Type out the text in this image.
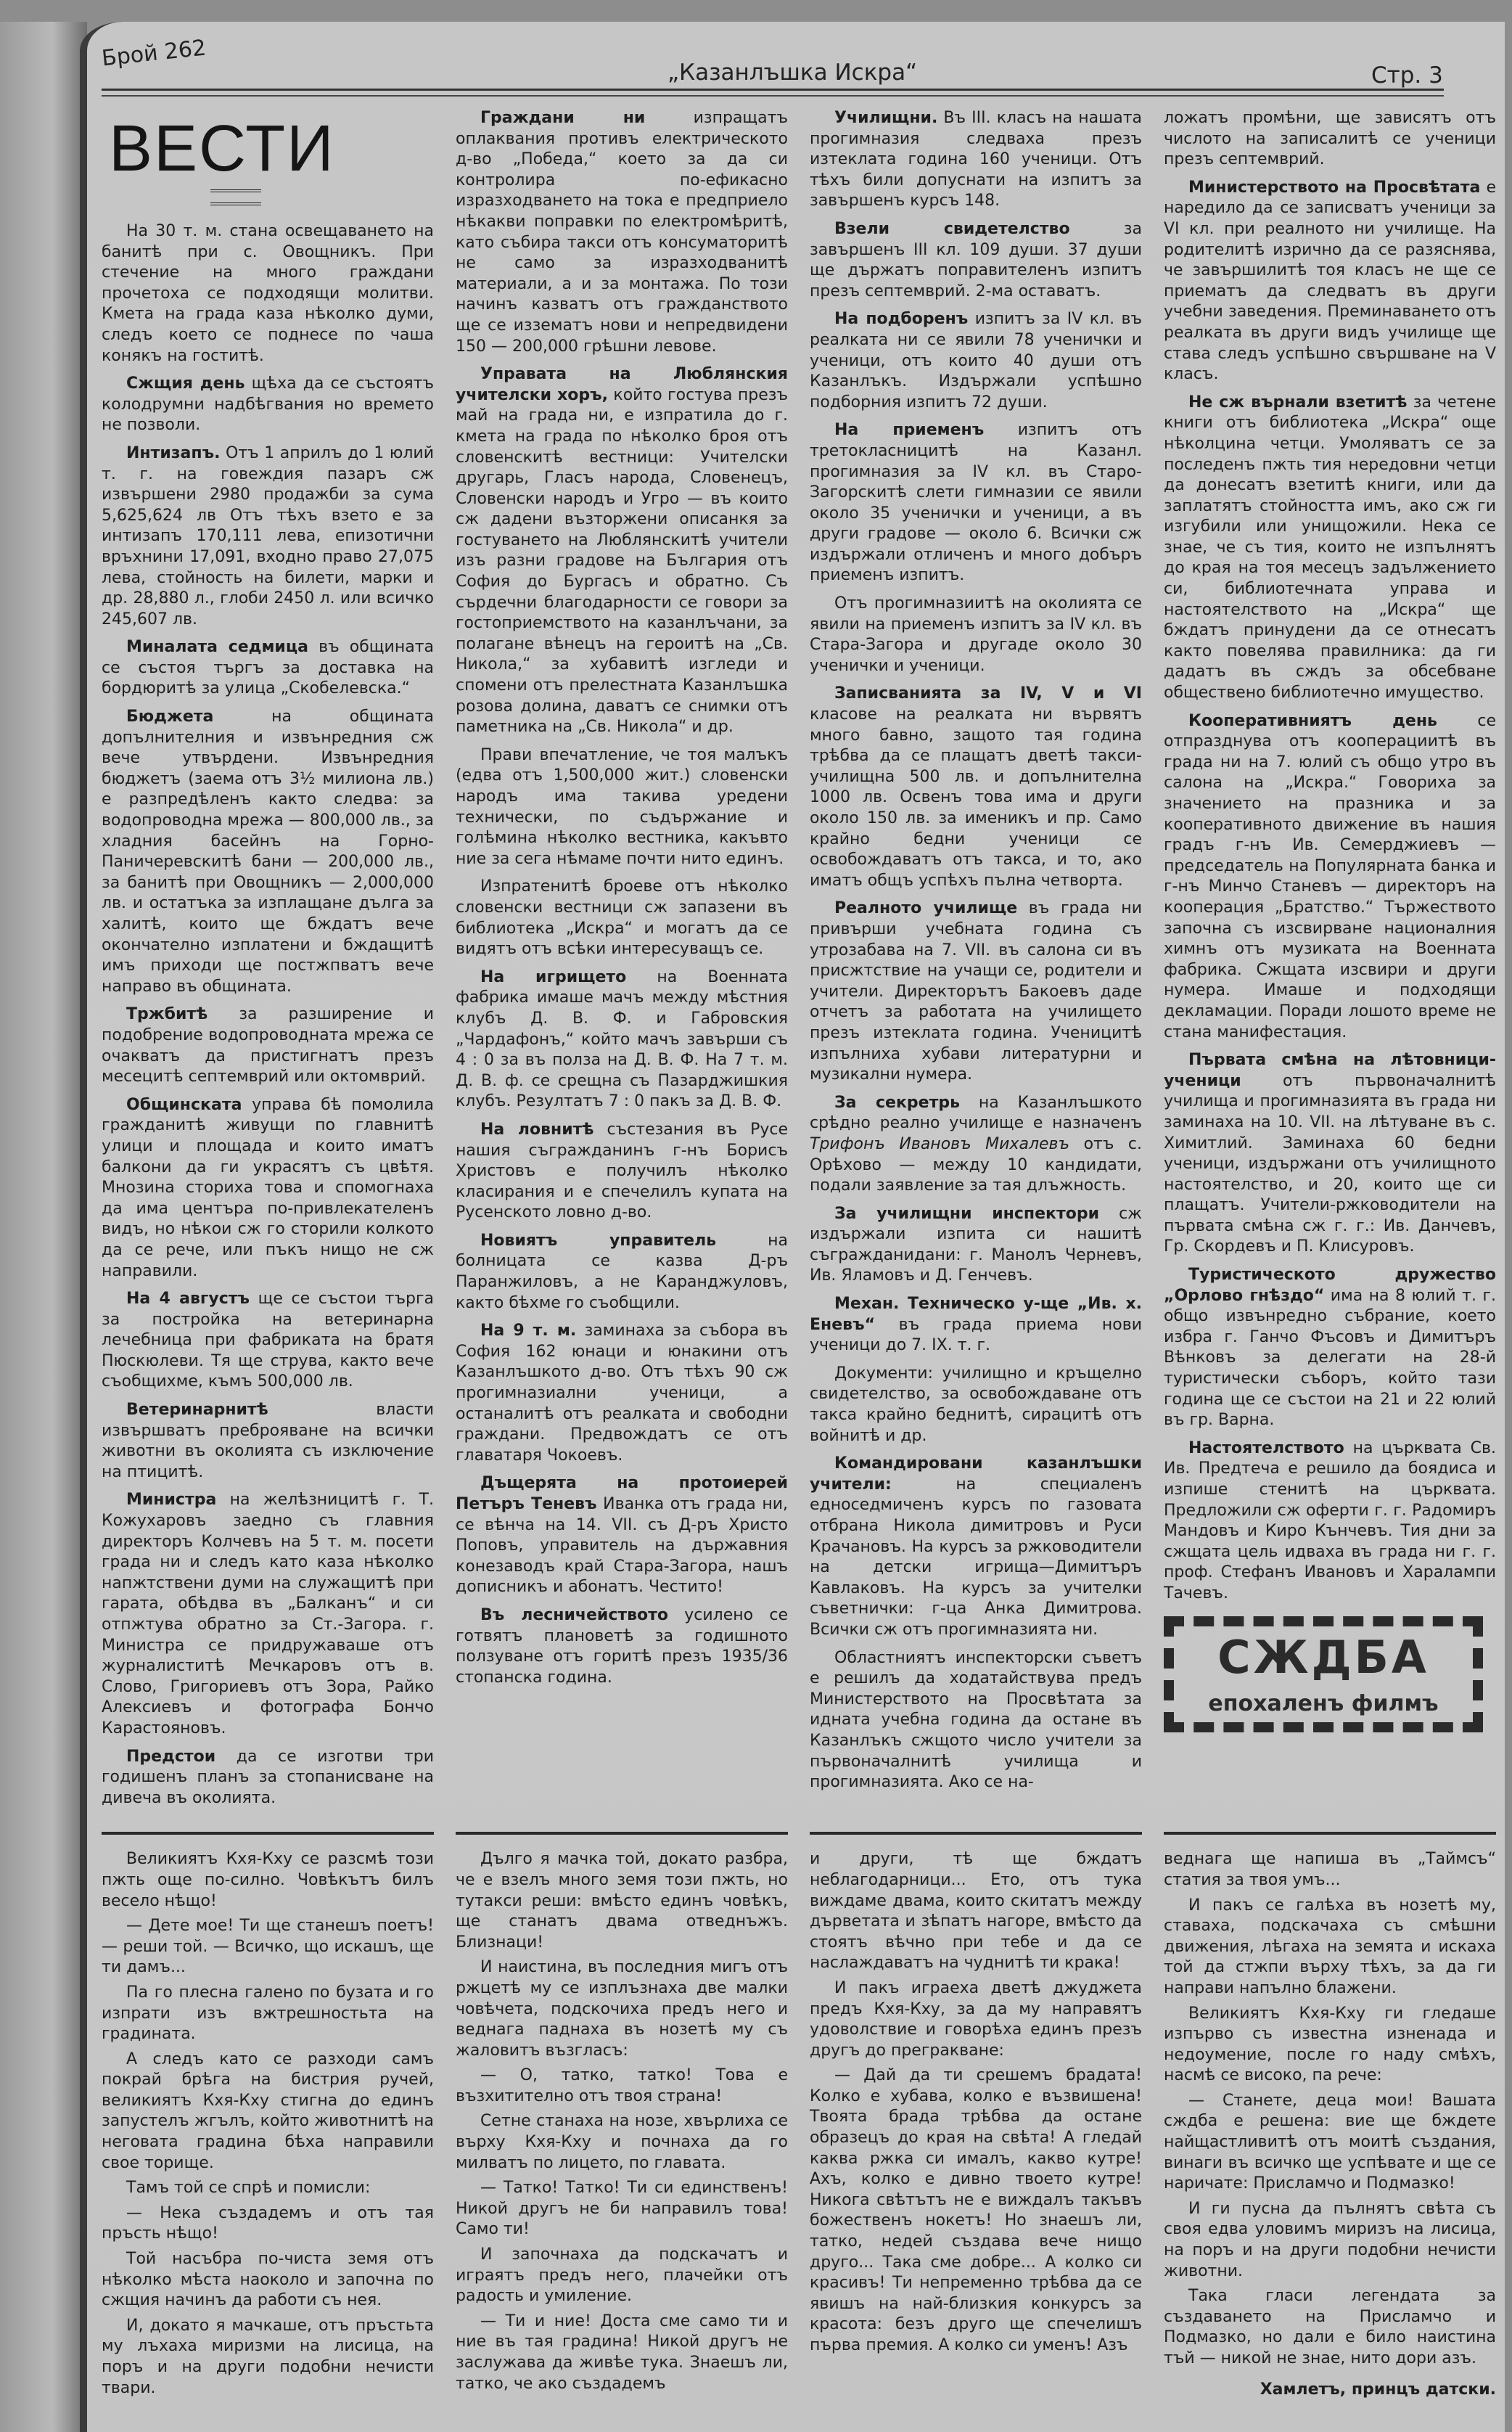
Брой 262
„Казанлъшка Искра“	Стр. 3
ВЕСТИ

На 30 т. м. стана освещаването на банитѣ при с. Овощникъ. При стечение на много граждани прочетоха се подходящи молитви. Кмета на града каза нѣколко думи, следъ което се поднесе по чаша конякъ на гоститѣ.

Сжщия день щѣха да се състоятъ колодрумни надбѣгвания но времето не позволи.

Интизапъ. Отъ 1 априлъ до 1 юлий т. г. на говеждия пазаръ сж извършени 2980 продажби за сума 5,625,624 лв Отъ тѣхъ взето е за интизапъ 170,111 лева, епизотични връхнини 17,091, входно право 27,075 лева, стойность на билети, марки и др. 28,880 л., глоби 2450 л. или всичко 245,607 лв.

Миналата седмица въ общината се състоя търгъ за доставка на бордюритѣ за улица „Скобелевска.“

Бюджета на общината допълнителния и извънредния сж вече утвърдени. Извънредния бюджетъ (заема отъ 3½ милиона лв.) е разпредѣленъ както следва: за водопроводна мрежа — 800,000 лв., за хладния басейнъ на Горно-Паничеревскитѣ бани — 200,000 лв., за банитѣ при Овощникъ — 2,000,000 лв. и остатъка за изплащане дълга за халитѣ, които ще бждатъ вече окончателно изплатени и бждащитѣ имъ приходи ще постжпватъ вече направо въ общината.

Тржбитѣ за разширение и подобрение водопроводната мрежа се очакватъ да пристигнатъ презъ месецитѣ септемврий или октомврий.

Общинската управа бѣ помолила гражданитѣ живущи по главнитѣ улици и площада и които иматъ балкони да ги украсятъ съ цвѣтя. Мнозина сториха това и спомогнаха да има центъра по-привлекателенъ видъ, но нѣкои сж го сторили колкото да се рече, или пъкъ нищо не сж направили.

На 4 августъ ще се състои търга за постройка на ветеринарна лечебница при фабриката на братя Пюскюлеви. Тя ще струва, както вече съобщихме, къмъ 500,000 лв.

Ветеринарнитѣ власти извършватъ преброяване на всички животни въ околията съ изключение на птицитѣ.

Министра на желѣзницитѣ г. Т. Кожухаровъ заедно съ главния директоръ Колчевъ на 5 т. м. посети града ни и следъ като каза нѣколко напжтствени думи на служащитѣ при гарата, обѣдва въ „Балканъ“ и си отпжтува обратно за Ст.-Загора. г. Министра се придружаваше отъ журналиститѣ Мечкаровъ отъ в. Слово, Григориевъ отъ Зора, Райко Алексиевъ и фотографа Бончо Карастояновъ.

Предстои да се изготви три годишенъ планъ за стопанисване на дивеча въ околията.

Граждани ни изпращатъ оплаквания противъ електрическото д-во „Победа,“ което за да си контролира по-ефикасно изразходването на тока е предприело нѣкакви поправки по електромѣритѣ, като събира такси отъ консуматоритѣ не само за изразходванитѣ материали, а и за монтажа. По този начинъ казватъ отъ гражданството ще се иззематъ нови и непредвидени 150 — 200,000 грѣшни левове.

Управата на Люблянския учителски хоръ, който гостува презъ май на града ни, е изпратила до г. кмета на града по нѣколко броя отъ словенскитѣ вестници: Учителски другарь, Гласъ народа, Словенецъ, Словенски народъ и Угро — въ които сж дадени възторжени описанкя за гостуването на Люблянскитѣ учители изъ разни градове на България отъ София до Бургасъ и обратно. Съ сърдечни благодарности се говори за гостоприемството на казанлъчани, за полагане вѣнецъ на героитѣ на „Св. Никола,“ за хубавитѣ изгледи и спомени отъ прелестната Казанлъшка розова долина, даватъ се снимки отъ паметника на „Св. Никола“ и др.

Прави впечатление, че тоя малъкъ (едва отъ 1,500,000 жит.) словенски народъ има такива уредени технически, по съдържание и голѣмина нѣколко вестника, какъвто ние за сега нѣмаме почти нито единъ.

Изпратенитѣ броеве отъ нѣколко словенски вестници сж запазени въ библиотека „Искра“ и могатъ да се видятъ отъ всѣки интересуващъ се.

На игрището на Военната фабрика имаше мачъ между мѣстния клубъ Д. В. Ф. и Габровския „Чардафонъ,“ който мачъ завърши съ 4 : 0 за въ полза на Д. В. Ф. На 7 т. м. Д. В. ф. се срещна съ Пазарджишкия клубъ. Резултатъ 7 : 0 пакъ за Д. В. Ф.

На ловнитѣ състезания въ Русе нашия съгражданинъ г-нъ Борисъ Христовъ е получилъ нѣколко класирания и е спечелилъ купата на Русенското ловно д-во.

Новиятъ управитель на болницата се казва Д-ръ Паранжиловъ, а не Каранджуловъ, както бѣхме го съобщили.

На 9 т. м. заминаха за събора въ София 162 юнаци и юнакини отъ Казанлъшкото д-во. Отъ тѣхъ 90 сж прогимназиални ученици, а останалитѣ отъ реалката и свободни граждани. Предвождатъ се отъ главатаря Чокоевъ.

Дъщерята на протоиерей Петъръ Теневъ Иванка отъ града ни, се вѣнча на 14. VII. съ Д-ръ Христо Поповъ, управитель на държавния конезаводъ край Стара-Загора, нашъ дописникъ и абонатъ. Честито!

Въ лесничейството усилено се готвятъ плановетѣ за годишното ползуване отъ горитѣ презъ 1935/36 стопанска година.

Училищни. Въ III. класъ на нашата прогимназия следваха презъ изтеклата година 160 ученици. Отъ тѣхъ били допуснати на изпитъ за завършенъ курсъ 148.

Взели свидетелство за завършенъ III кл. 109 души. 37 души ще държатъ поправителенъ изпитъ презъ септемврий. 2-ма оставатъ.

На подборенъ изпитъ за IV кл. въ реалката ни се явили 78 ученички и ученици, отъ които 40 души отъ Казанлъкъ. Издържали успѣшно подборния изпитъ 72 души.

На приеменъ изпитъ отъ третокласницитѣ на Казанл. прогимназия за IV кл. въ Старо-Загорскитѣ слети гимназии се явили около 35 ученички и ученици, а въ други градове — около 6. Всички сж издържали отличенъ и много добъръ приеменъ изпитъ.

Отъ прогимназиитѣ на околията се явили на приеменъ изпитъ за IV кл. въ Стара-Загора и другаде около 30 ученички и ученици.

Записванията за IV, V и VI класове на реалката ни вървятъ много бавно, защото тая година трѣбва да се плащатъ дветѣ такси-училищна 500 лв. и допълнителна 1000 лв. Освенъ това има и други около 150 лв. за именикъ и пр. Само крайно бедни ученици се освобождаватъ отъ такса, и то, ако иматъ общъ успѣхъ пълна четворта.

Реалното училище въ града ни привърши учебната година съ утрозабава на 7. VII. въ салона си въ присжтствие на учащи се, родители и учители. Директорътъ Бакоевъ даде отчетъ за работата на училището презъ изтеклата година. Ученицитѣ изпълниха хубави литературни и музикални нумера.

За секретрь на Казанлъшкото срѣдно реално училище е назначенъ Трифонъ Ивановъ Михалевъ отъ с. Орѣхово — между 10 кандидати, подали заявление за тая длъжность.

За училищни инспектори сж издържали изпита си нашитѣ съгражданидани: г. Манолъ Черневъ, Ив. Яламовъ и Д. Генчевъ.

Механ. Техническо у-ще „Ив. х. Еневъ“ въ града приема нови ученици до 7. IX. т. г.

Документи: училищно и кръщелно свидетелство, за освобождаване отъ такса крайно беднитѣ, сирацитѣ отъ войнитѣ и др.

Командировани казанлъшки учители: на специаленъ едноседмиченъ курсъ по газовата отбрана Никола димитровъ и Руси Крачановъ. На курсъ за ржководители на детски игрища—Димитъръ Кавлаковъ. На курсъ за учителки съветнички: г-ца Анка Димитрова. Всички сж отъ прогимназията ни.

Областниятъ инспекторски съветъ е решилъ да ходатайствува предъ Министерството на Просвѣтата за идната учебна година да остане въ Казанлъкъ сжщото число учители за първоначалнитѣ училища и прогимназията. Ако се на-

ложатъ промѣни, ще зависятъ отъ числото на записалитѣ се ученици презъ септемврий.

Министерството на Просвѣтата е наредило да се записватъ ученици за VI кл. при реалното ни училище. На родителитѣ изрично да се разяснява, че завършилитѣ тоя класъ не ще се приематъ да следватъ въ други учебни заведения. Преминаването отъ реалката въ други видъ училище ще става следъ успѣшно свършване на V класъ.

Не сж върнали взетитѣ за четене книги отъ библиотека „Искра“ още нѣколцина четци. Умоляватъ се за последенъ пжть тия нередовни четци да донесатъ взетитѣ книги, или да заплатятъ стойността имъ, ако сж ги изгубили или унищожили. Нека се знае, че съ тия, които не изпълнятъ до края на тоя месецъ задължението си, библиотечната управа и настоятелството на „Искра“ ще бждатъ принудени да се отнесатъ както повелява правилника: да ги дадатъ въ сждъ за обсебване обществено библиотечно имущество.

Кооперативниятъ день се отпразднува отъ кооперациитѣ въ града ни на 7. юлий съ общо утро въ салона на „Искра.“ Говориха за значението на празника и за кооперативното движение въ нашия градъ г-нъ Ив. Семерджиевъ — председатель на Популярната банка и г-нъ Минчо Станевъ — директоръ на кооперация „Братство.“ Тържеството започна съ изсвирване националния химнъ отъ музиката на Военната фабрика. Сжщата изсвири и други нумера. Имаше и подходящи декламации. Поради лошото време не стана манифестация.

Първата смѣна на лѣтовници-ученици отъ първоначалнитѣ училища и прогимназията въ града ни заминаха на 10. VII. на лѣтуване въ с. Химитлий. Заминаха 60 бедни ученици, издържани отъ училищното настоятелство, и 20, които ще си плащатъ. Учители-ржководители на първата смѣна сж г. г.: Ив. Данчевъ, Гр. Скордевъ и П. Клисуровъ.

Туристическото дружество „Орлово гнѣздо“ има на 8 юлий т. г. общо извънредно събрание, което избра г. Ганчо Фъсовъ и Димитъръ Вѣнковъ за делегати на 28-й туристически съборъ, който тази година ще се състои на 21 и 22 юлий въ гр. Варна.

Настоятелството на църквата Св. Ив. Предтеча е решило да боядиса и изпише стенитѣ на църквата. Предложили сж оферти г. г. Радомиръ Мандовъ и Киро Кънчевъ. Тия дни за сжщата цель идваха въ града ни г. г. проф. Стефанъ Ивановъ и Харалампи Тачевъ.

СЖДБА
епохаленъ филмъ

Великиятъ Кхя-Кху се разсмѣ този пжть още по-силно. Човѣкътъ билъ весело нѣщо!

— Дете мое! Ти ще станешъ поетъ! — реши той. — Всичко, що искашъ, ще ти дамъ...

Па го плесна галено по бузата и го изпрати изъ вжтрешностьта на градината.

А следъ като се разходи самъ покрай брѣга на бистрия ручей, великиятъ Кхя-Кху стигна до единъ запустелъ жгълъ, който животнитѣ на неговата градина бѣха направили свое торище.

Тамъ той се спрѣ и помисли:

— Нека създадемъ и отъ тая пръсть нѣщо!

Той насъбра по-чиста земя отъ нѣколко мѣста наоколо и започна по сжщия начинъ да работи съ нея.

И, докато я мачкаше, отъ пръстьта му лъхаха миризми на лисица, на поръ и на други подобни нечисти твари.

Дълго я мачка той, докато разбра, че е взелъ много земя този пжть, но тутакси реши: вмѣсто единъ човѣкъ, ще станатъ двама отведнъжъ. Близнаци!

И наистина, въ последния мигъ отъ ржцетѣ му се изплъзнаха две малки човѣчета, подскочиха предъ него и веднага паднаха въ нозетѣ му съ жаловитъ възгласъ:

— О, татко, татко! Това е възхитително отъ твоя страна!

Сетне станаха на нозе, хвърлиха се върху Кхя-Кху и почнаха да го милватъ по лицето, по главата.

— Татко! Татко! Ти си единственъ! Никой другъ не би направилъ това! Само ти!

И започнаха да подскачатъ и играятъ предъ него, плачейки отъ радость и умиление.

— Ти и ние! Доста сме само ти и ние въ тая градина! Никой другъ не заслужава да живѣе тука. Знаешъ ли, татко, че ако създадемъ

и други, тѣ ще бждатъ неблагодарници... Ето, отъ тука виждаме двама, които скитатъ между дърветата и зѣпатъ нагоре, вмѣсто да стоятъ вѣчно при тебе и да се наслаждаватъ на чуднитѣ ти крака!

И пакъ играеха дветѣ джуджета предъ Кхя-Кху, за да му направятъ удоволствие и говорѣха единъ презъ другъ до прегракване:

— Дай да ти срешемъ брадата! Колко е хубава, колко е възвишена! Твоята брада трѣбва да остане образецъ до края на свѣта! А гледай каква ржка си ималъ, какво кутре! Ахъ, колко е дивно твоето кутре! Никога свѣтътъ не е виждалъ такъвъ божественъ нокетъ! Но знаешъ ли, татко, недей създава вече нищо друго... Така сме добре... А колко си красивъ! Ти непременно трѣбва да се явишъ на най-близкия конкурсъ за красота: безъ друго ще спечелишъ първа премия. А колко си уменъ! Азъ

веднага ще напиша въ „Таймсъ“ статия за твоя умъ...

И пакъ се галѣха въ нозетѣ му, ставаха, подскачаха съ смѣшни движения, лѣгаха на земята и искаха той да стжпи върху тѣхъ, за да ги направи напълно блажени.

Великиятъ Кхя-Кху ги гледаше изпърво съ известна изненада и недоумение, после го наду смѣхъ, насмѣ се високо, па рече:

— Станете, деца мои! Вашата сждба е решена: вие ще бждете найщастливитѣ отъ моитѣ създания, винаги въ всичко ще успѣвате и ще се наричате: Присламчо и Подмазко!

И ги пусна да пълнятъ свѣта съ своя едва уловимъ миризъ на лисица, на поръ и на други подобни нечисти животни.

Така гласи легендата за създаването на Присламчо и Подмазко, но дали е било наистина тъй — никой не знае, нито дори азъ.

Хамлетъ, принцъ датски.
